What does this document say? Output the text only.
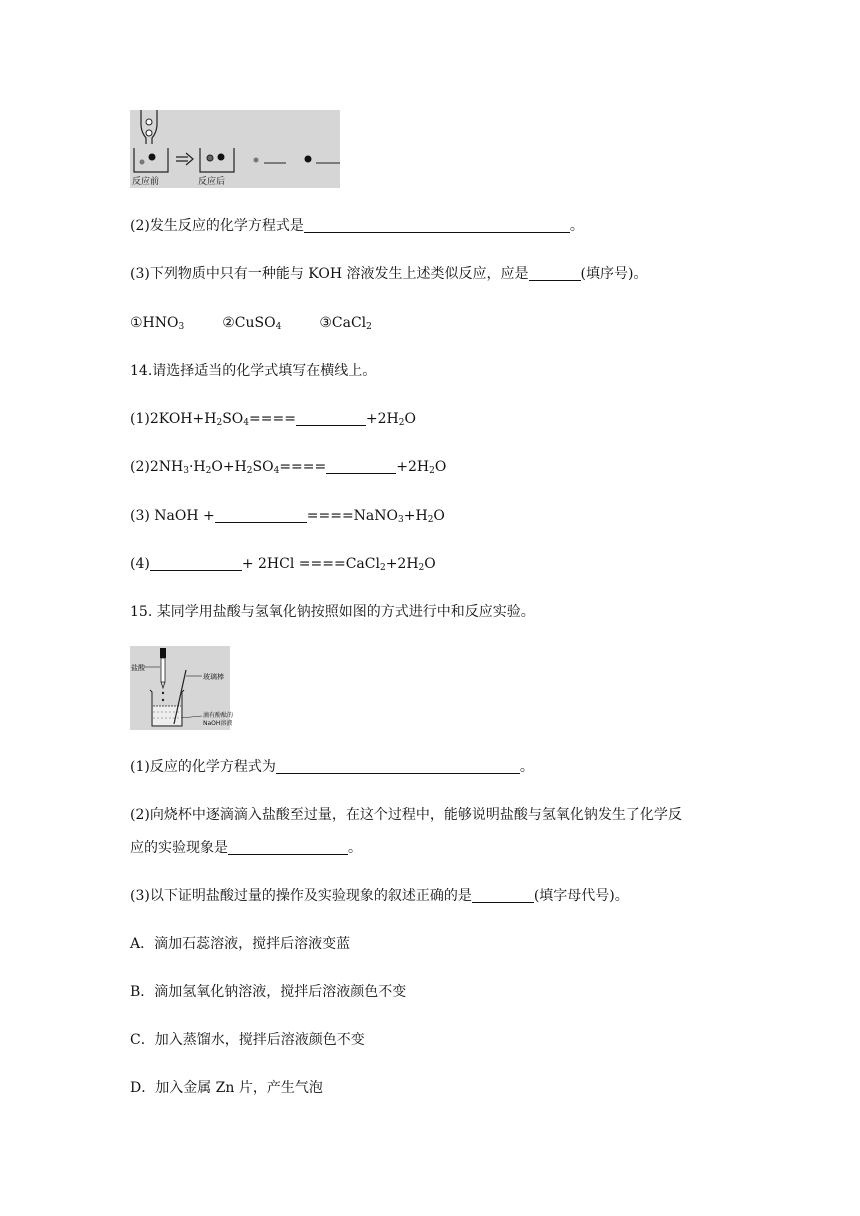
反应前	反应后
(2)发生反应的化学方程式是	。
(3)下列物质中只有一种能与 KOH 溶液发生上述类似反应，应是	(填序号)。
$①HNO_3$	②CuSO$_4$	③CaCl$_2$
14.请选择适当的化学式填写在横线上。
$(1)2KOH+H_2SO_4====$	$+2H_2O$
$(2)2NH_3\cdot H_2O+H_2SO_4====$	$+2H_2O$
(3) NaOH +	$====NaNO_3+H_2O$
(4)	+ $2HCl ====CaCl_2+2H_2O$
15. 某同学用盐酸与氢氧化钠按照如图的方式进行中和反应实验。
盐酸
玻璃棒
滴有酚酞的
NaOH溶液
(1)反应的化学方程式为	。
(2)向烧杯中逐滴滴入盐酸至过量，在这个过程中，能够说明盐酸与氢氧化钠发生了化学反
应的实验现象是	。
(3)以下证明盐酸过量的操作及实验现象的叙述正确的是	(填字母代号)。
A．滴加石蕊溶液，搅拌后溶液变蓝
B．滴加氢氧化钠溶液，搅拌后溶液颜色不变
C．加入蒸馏水，搅拌后溶液颜色不变
D．加入金属 Zn 片，产生气泡
